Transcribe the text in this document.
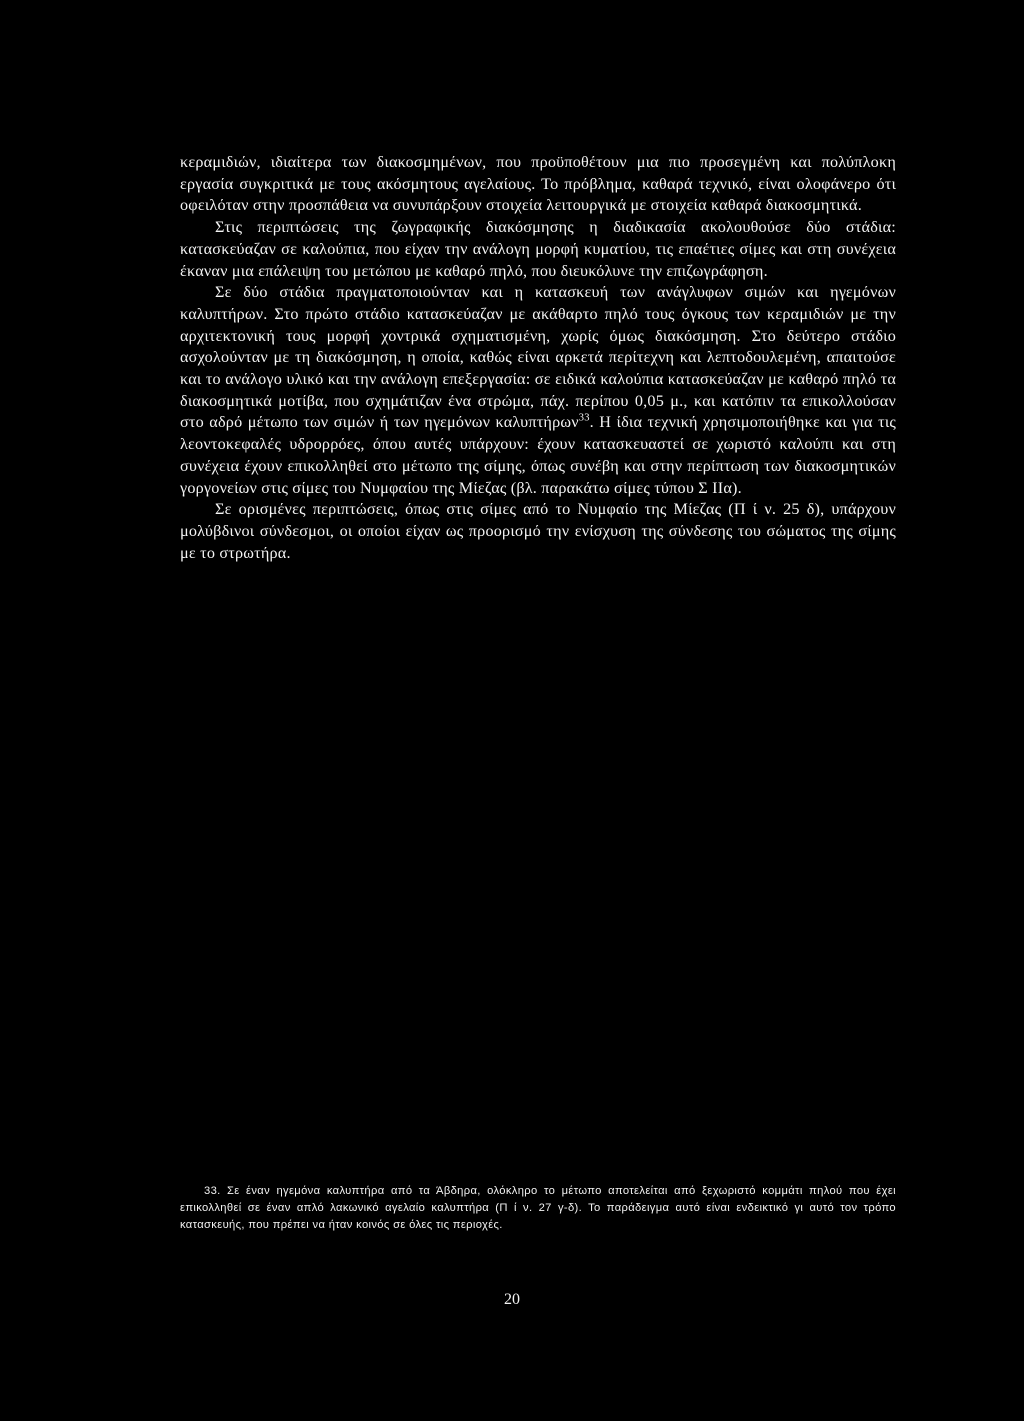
κεραμιδιών, ιδιαίτερα των διακοσμημένων, που προϋποθέτουν μια πιο προσεγμένη και πολύπλοκη εργασία συγκριτικά με τους ακόσμητους αγελαίους. Το πρόβλημα, καθαρά τεχνικό, είναι ολοφάνερο ότι οφειλόταν στην προσπάθεια να συνυπάρξουν στοιχεία λειτουργικά με στοιχεία καθαρά διακοσμητικά.

Στις περιπτώσεις της ζωγραφικής διακόσμησης η διαδικασία ακολουθούσε δύο στάδια: κατασκεύαζαν σε καλούπια, που είχαν την ανάλογη μορφή κυματίου, τις επαέτιες σίμες και στη συνέχεια έκαναν μια επάλειψη του μετώπου με καθαρό πηλό, που διευκόλυνε την επιζωγράφηση.

Σε δύο στάδια πραγματοποιούνταν και η κατασκευή των ανάγλυφων σιμών και ηγεμόνων καλυπτήρων. Στο πρώτο στάδιο κατασκεύαζαν με ακάθαρτο πηλό τους όγκους των κεραμιδιών με την αρχιτεκτονική τους μορφή χοντρικά σχηματισμένη, χωρίς όμως διακόσμηση. Στο δεύτερο στάδιο ασχολούνταν με τη διακόσμηση, η οποία, καθώς είναι αρκετά περίτεχνη και λεπτοδουλεμένη, απαιτούσε και το ανάλογο υλικό και την ανάλογη επεξεργασία: σε ειδικά καλούπια κατασκεύαζαν με καθαρό πηλό τα διακοσμητικά μοτίβα, που σχημάτιζαν ένα στρώμα, πάχ. περίπου 0,05 μ., και κατόπιν τα επικολλούσαν στο αδρό μέτωπο των σιμών ή των ηγεμόνων καλυπτήρων$^{33}$. Η ίδια τεχνική χρησιμοποιήθηκε και για τις λεοντοκεφαλές υδρορρόες, όπου αυτές υπάρχουν: έχουν κατασκευαστεί σε χωριστό καλούπι και στη συνέχεια έχουν επικολληθεί στο μέτωπο της σίμης, όπως συνέβη και στην περίπτωση των διακοσμητικών γοργονείων στις σίμες του Νυμφαίου της Μίεζας (βλ. παρακάτω σίμες τύπου Σ ΙΙα).

Σε ορισμένες περιπτώσεις, όπως στις σίμες από το Νυμφαίο της Μίεζας (Π ί ν. 25 δ), υπάρχουν μολύβδινοι σύνδεσμοι, οι οποίοι είχαν ως προορισμό την ενίσχυση της σύνδεσης του σώματος της σίμης με το στρωτήρα.

33. Σε έναν ηγεμόνα καλυπτήρα από τα Άβδηρα, ολόκληρο το μέτωπο αποτελείται από ξεχωριστό κομμάτι πηλού που έχει επικολληθεί σε έναν απλό λακωνικό αγελαίο καλυπτήρα (Π ί ν. 27 γ-δ). Το παράδειγμα αυτό είναι ενδεικτικό γι αυτό τον τρόπο κατασκευής, που πρέπει να ήταν κοινός σε όλες τις περιοχές.

20
